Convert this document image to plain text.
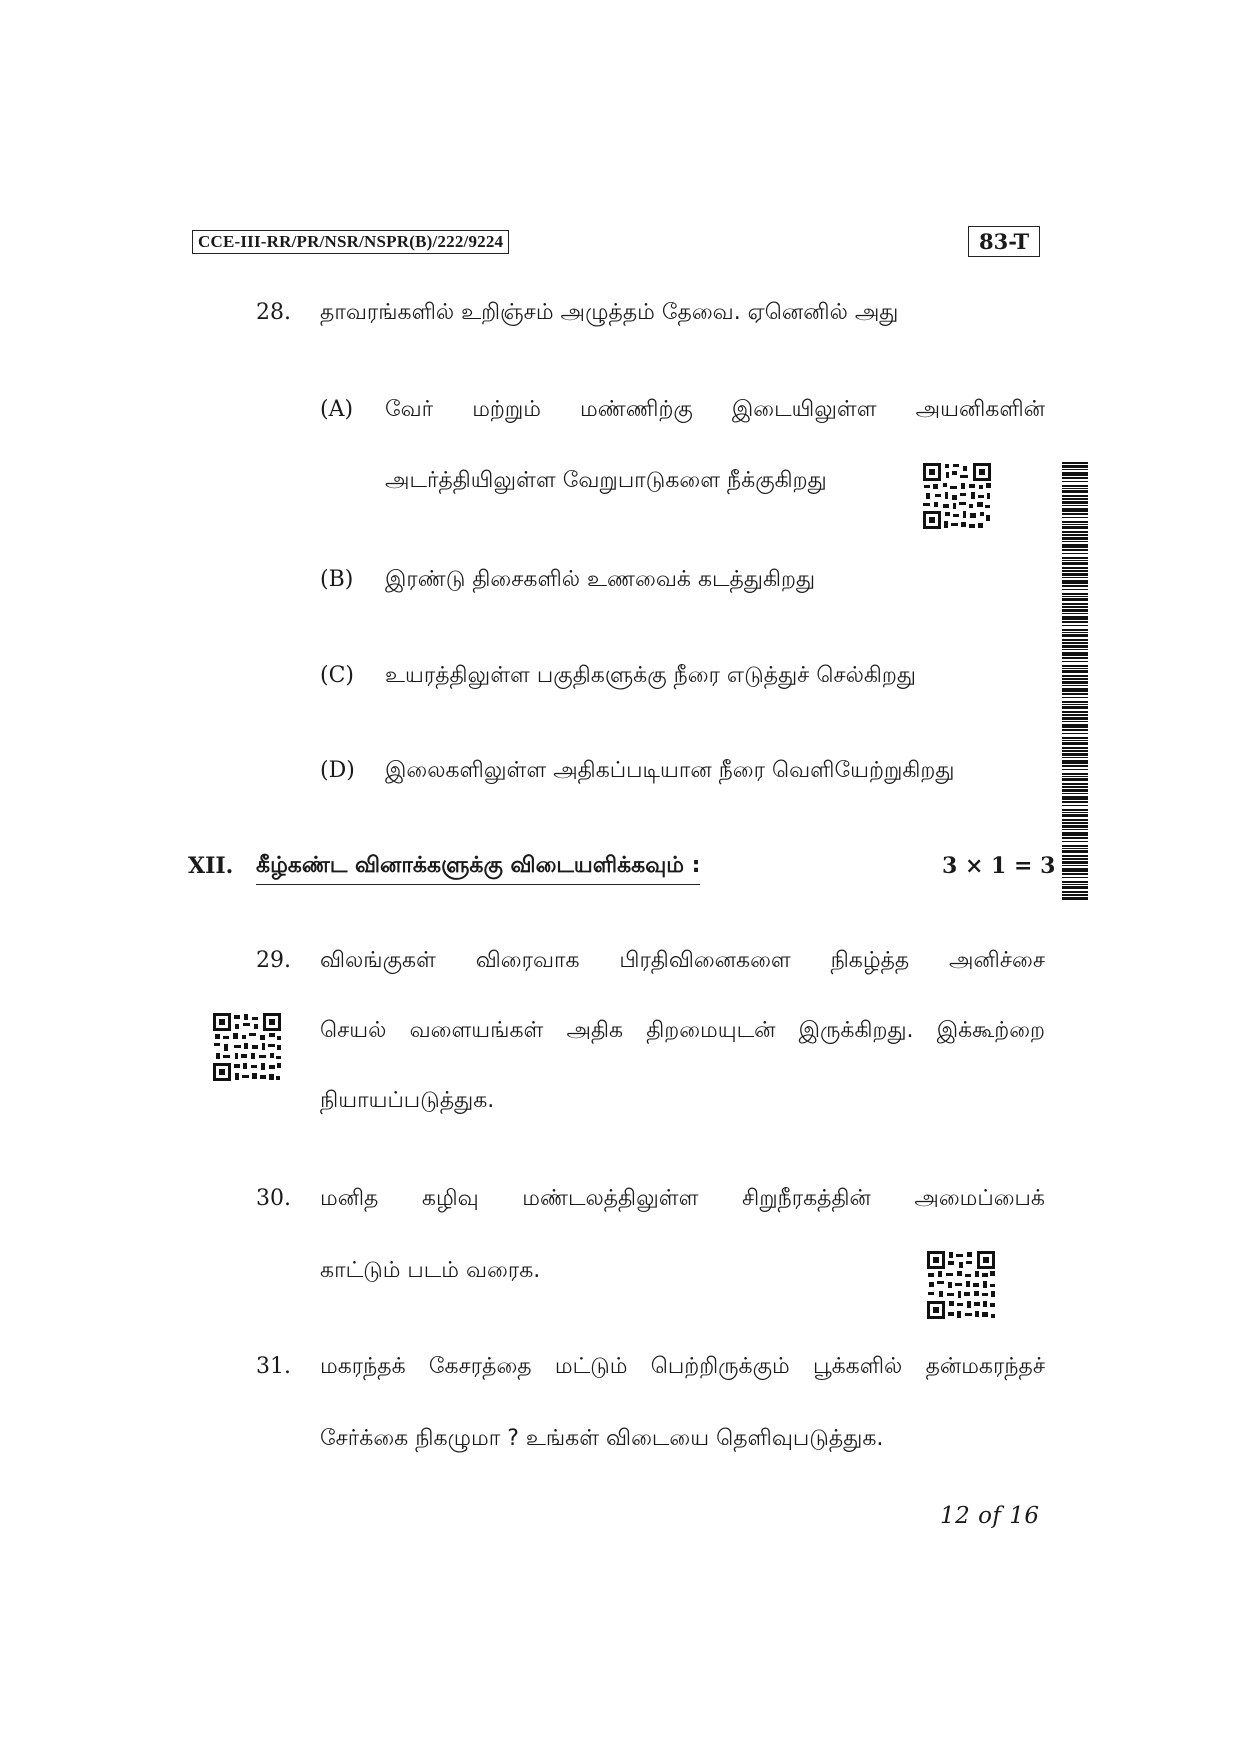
CCE-III-RR/PR/NSR/NSPR(B)/222/9224	83-T
28. தாவரங்களில் உறிஞ்சம் அழுத்தம் தேவை. ஏனெனில் அது
(A) வேர் மற்றும் மண்ணிற்கு இடையிலுள்ள அயனிகளின்
அடர்த்தியிலுள்ள வேறுபாடுகளை நீக்குகிறது
(B) இரண்டு திசைகளில் உணவைக் கடத்துகிறது
(C) உயரத்திலுள்ள பகுதிகளுக்கு நீரை எடுத்துச் செல்கிறது
(D) இலைகளிலுள்ள அதிகப்படியான நீரை வெளியேற்றுகிறது
XII. கீழ்கண்ட வினாக்களுக்கு விடையளிக்கவும் :	3 × 1 = 3
29. விலங்குகள் விரைவாக பிரதிவினைகளை நிகழ்த்த அனிச்சை
செயல் வளையங்கள் அதிக திறமையுடன் இருக்கிறது. இக்கூற்றை
நியாயப்படுத்துக.
30. மனித கழிவு மண்டலத்திலுள்ள சிறுநீரகத்தின் அமைப்பைக்
காட்டும் படம் வரைக.
31. மகரந்தக் கேசரத்தை மட்டும் பெற்றிருக்கும் பூக்களில் தன்மகரந்தச்
சேர்க்கை நிகழுமா ? உங்கள் விடையை தெளிவுபடுத்துக.
12 of 16
